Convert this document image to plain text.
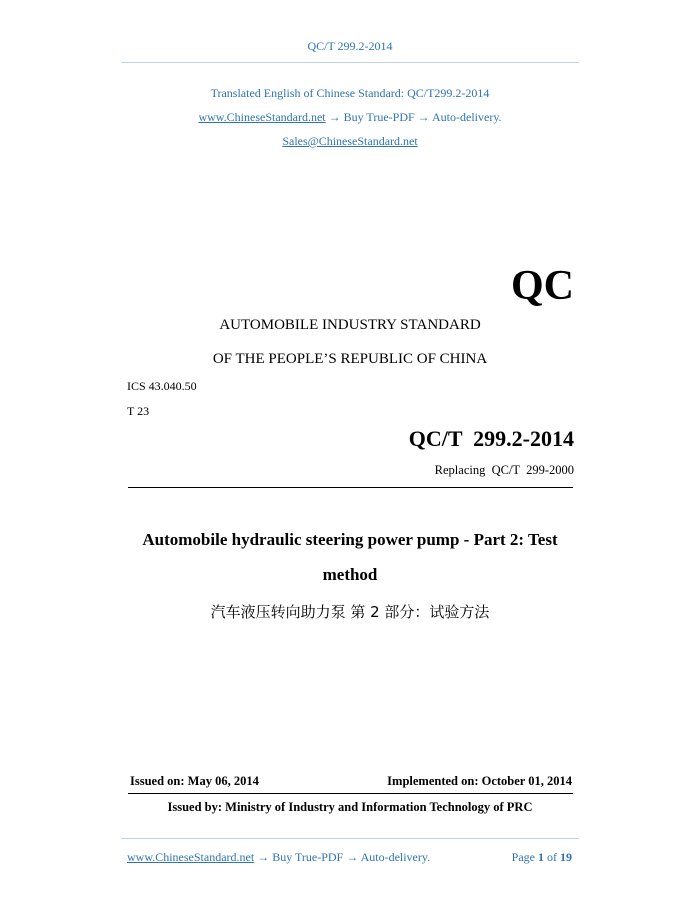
QC/T 299.2-2014
Translated English of Chinese Standard: QC/T299.2-2014
www.ChineseStandard.net → Buy True-PDF → Auto-delivery.
Sales@ChineseStandard.net
QC
AUTOMOBILE INDUSTRY STANDARD
OF THE PEOPLE’S REPUBLIC OF CHINA
ICS 43.040.50
T 23
QC/T  299.2-2014
Replacing  QC/T  299-2000
Automobile hydraulic steering power pump - Part 2: Test
method
汽车液压转向助力泵 第 2 部分：试验方法
Issued on: May 06, 2014	Implemented on: October 01, 2014
Issued by: Ministry of Industry and Information Technology of PRC
www.ChineseStandard.net → Buy True-PDF → Auto-delivery.	Page 1 of 19
